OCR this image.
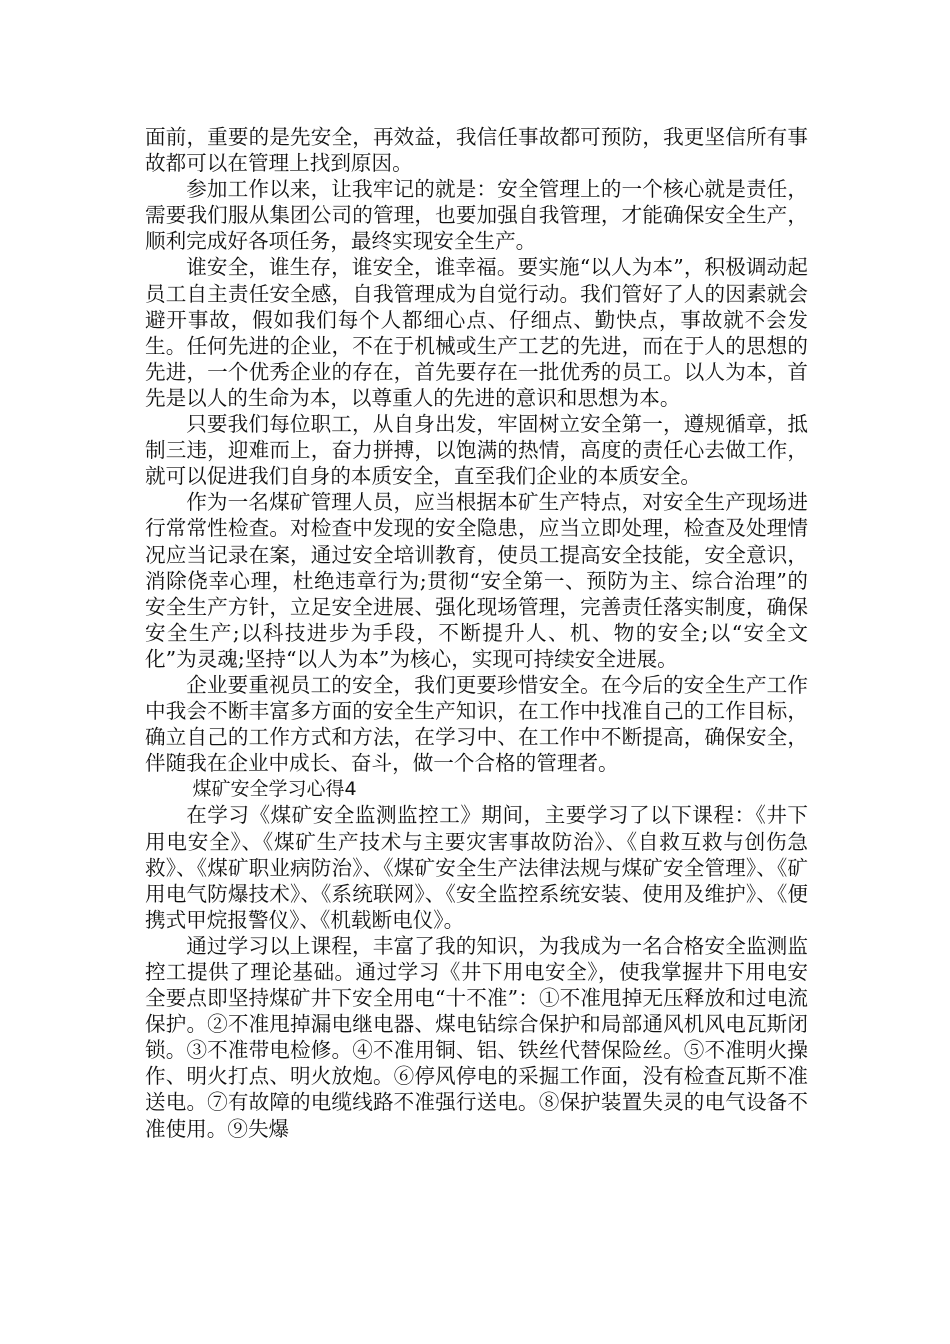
面前，重要的是先安全，再效益，我信任事故都可预防，我更坚信所有事故都可以在管理上找到原因。

参加工作以来，让我牢记的就是：安全管理上的一个核心就是责任，需要我们服从集团公司的管理，也要加强自我管理，才能确保安全生产，顺利完成好各项任务，最终实现安全生产。

谁安全，谁生存，谁安全，谁幸福。要实施“以人为本”，积极调动起员工自主责任安全感，自我管理成为自觉行动。我们管好了人的因素就会避开事故，假如我们每个人都细心点、仔细点、勤快点，事故就不会发生。任何先进的企业，不在于机械或生产工艺的先进，而在于人的思想的先进，一个优秀企业的存在，首先要存在一批优秀的员工。以人为本，首先是以人的生命为本，以尊重人的先进的意识和思想为本。

只要我们每位职工，从自身出发，牢固树立安全第一，遵规循章，抵制三违，迎难而上，奋力拼搏，以饱满的热情，高度的责任心去做工作，就可以促进我们自身的本质安全，直至我们企业的本质安全。

作为一名煤矿管理人员，应当根据本矿生产特点，对安全生产现场进行常常性检查。对检查中发现的安全隐患，应当立即处理，检查及处理情况应当记录在案，通过安全培训教育，使员工提高安全技能，安全意识，消除侥幸心理，杜绝违章行为;贯彻“安全第一、预防为主、综合治理”的安全生产方针，立足安全进展、强化现场管理，完善责任落实制度，确保安全生产;以科技进步为手段，不断提升人、机、物的安全;以“安全文化”为灵魂;坚持“以人为本”为核心，实现可持续安全进展。

企业要重视员工的安全，我们更要珍惜安全。在今后的安全生产工作中我会不断丰富多方面的安全生产知识，在工作中找准自己的工作目标，确立自己的工作方式和方法，在学习中、在工作中不断提高，确保安全，伴随我在企业中成长、奋斗，做一个合格的管理者。

煤矿安全学习心得4

在学习《煤矿安全监测监控工》期间，主要学习了以下课程：《井下用电安全》、《煤矿生产技术与主要灾害事故防治》、《自救互救与创伤急救》、《煤矿职业病防治》、《煤矿安全生产法律法规与煤矿安全管理》、《矿用电气防爆技术》、《系统联网》、《安全监控系统安装、使用及维护》、《便携式甲烷报警仪》、《机载断电仪》。

通过学习以上课程，丰富了我的知识，为我成为一名合格安全监测监控工提供了理论基础。通过学习《井下用电安全》，使我掌握井下用电安全要点即坚持煤矿井下安全用电“十不准”：①不准甩掉无压释放和过电流保护。②不准甩掉漏电继电器、煤电钻综合保护和局部通风机风电瓦斯闭锁。③不准带电检修。④不准用铜、铝、铁丝代替保险丝。⑤不准明火操作、明火打点、明火放炮。⑥停风停电的采掘工作面，没有检查瓦斯不准送电。⑦有故障的电缆线路不准强行送电。⑧保护装置失灵的电气设备不准使用。⑨失爆
